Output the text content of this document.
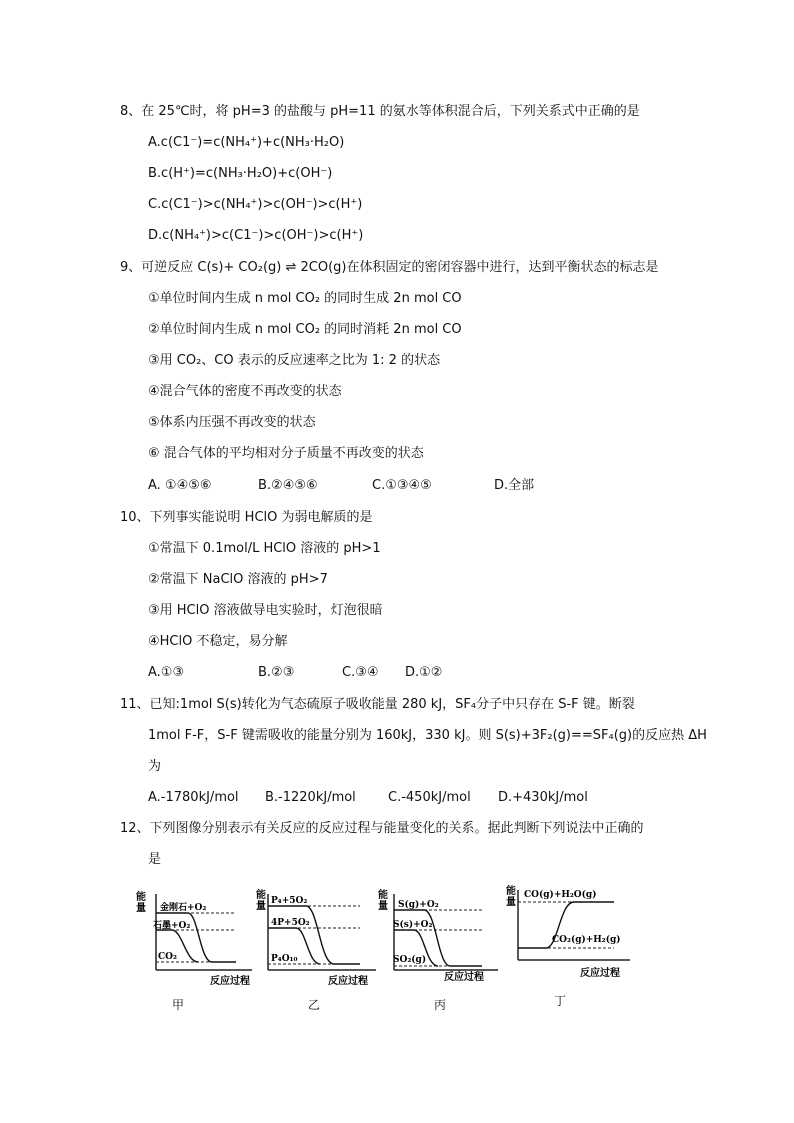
8、在 25℃时，将 pH=3 的盐酸与 pH=11 的氨水等体积混合后，下列关系式中正确的是
A.c(C1⁻)=c(NH₄⁺)+c(NH₃·H₂O)
B.c(H⁺)=c(NH₃·H₂O)+c(OH⁻)
C.c(C1⁻)>c(NH₄⁺)>c(OH⁻)>c(H⁺)
D.c(NH₄⁺)>c(C1⁻)>c(OH⁻)>c(H⁺)
9、可逆反应 C(s)+ CO₂(g) ⇌ 2CO(g)在体积固定的密闭容器中进行，达到平衡状态的标志是
①单位时间内生成 n mol CO₂ 的同时生成 2n mol CO
②单位时间内生成 n mol CO₂ 的同时消耗 2n mol CO
③用 CO₂、CO 表示的反应速率之比为 1: 2 的状态
④混合气体的密度不再改变的状态
⑤体系内压强不再改变的状态
⑥ 混合气体的平均相对分子质量不再改变的状态
A. ①④⑤⑥	B.②④⑤⑥	C.①③④⑤	D.全部
10、下列事实能说明 HClO 为弱电解质的是
①常温下 0.1mol/L HClO 溶液的 pH>1
②常温下 NaClO 溶液的 pH>7
③用 HClO 溶液做导电实验时，灯泡很暗
④HClO 不稳定，易分解
A.①③	B.②③	C.③④ D.①②
11、已知:1mol S(s)转化为气态硫原子吸收能量 280 kJ，SF₄分子中只存在 S-F 键。断裂
1mol F-F，S-F 键需吸收的能量分别为 160kJ，330 kJ。则 S(s)+3F₂(g)==SF₄(g)的反应热 ΔH
为
A.-1780kJ/mol B.-1220kJ/mol C.-450kJ/mol D.+430kJ/mol
12、下列图像分别表示有关反应的反应过程与能量变化的关系。据此判断下列说法中正确的
是
能
量 金刚石+O₂
石墨+O₂
CO₂
反应过程
甲
能
量 P₄+5O₂
4P+5O₂
P₄O₁₀
反应过程
乙
能
量 S(g)+O₂
S(s)+O₂
SO₂(g)
反应过程
丙
能
量
CO(g)+H₂O(g)
CO₂(g)+H₂(g)
反应过程
丁
